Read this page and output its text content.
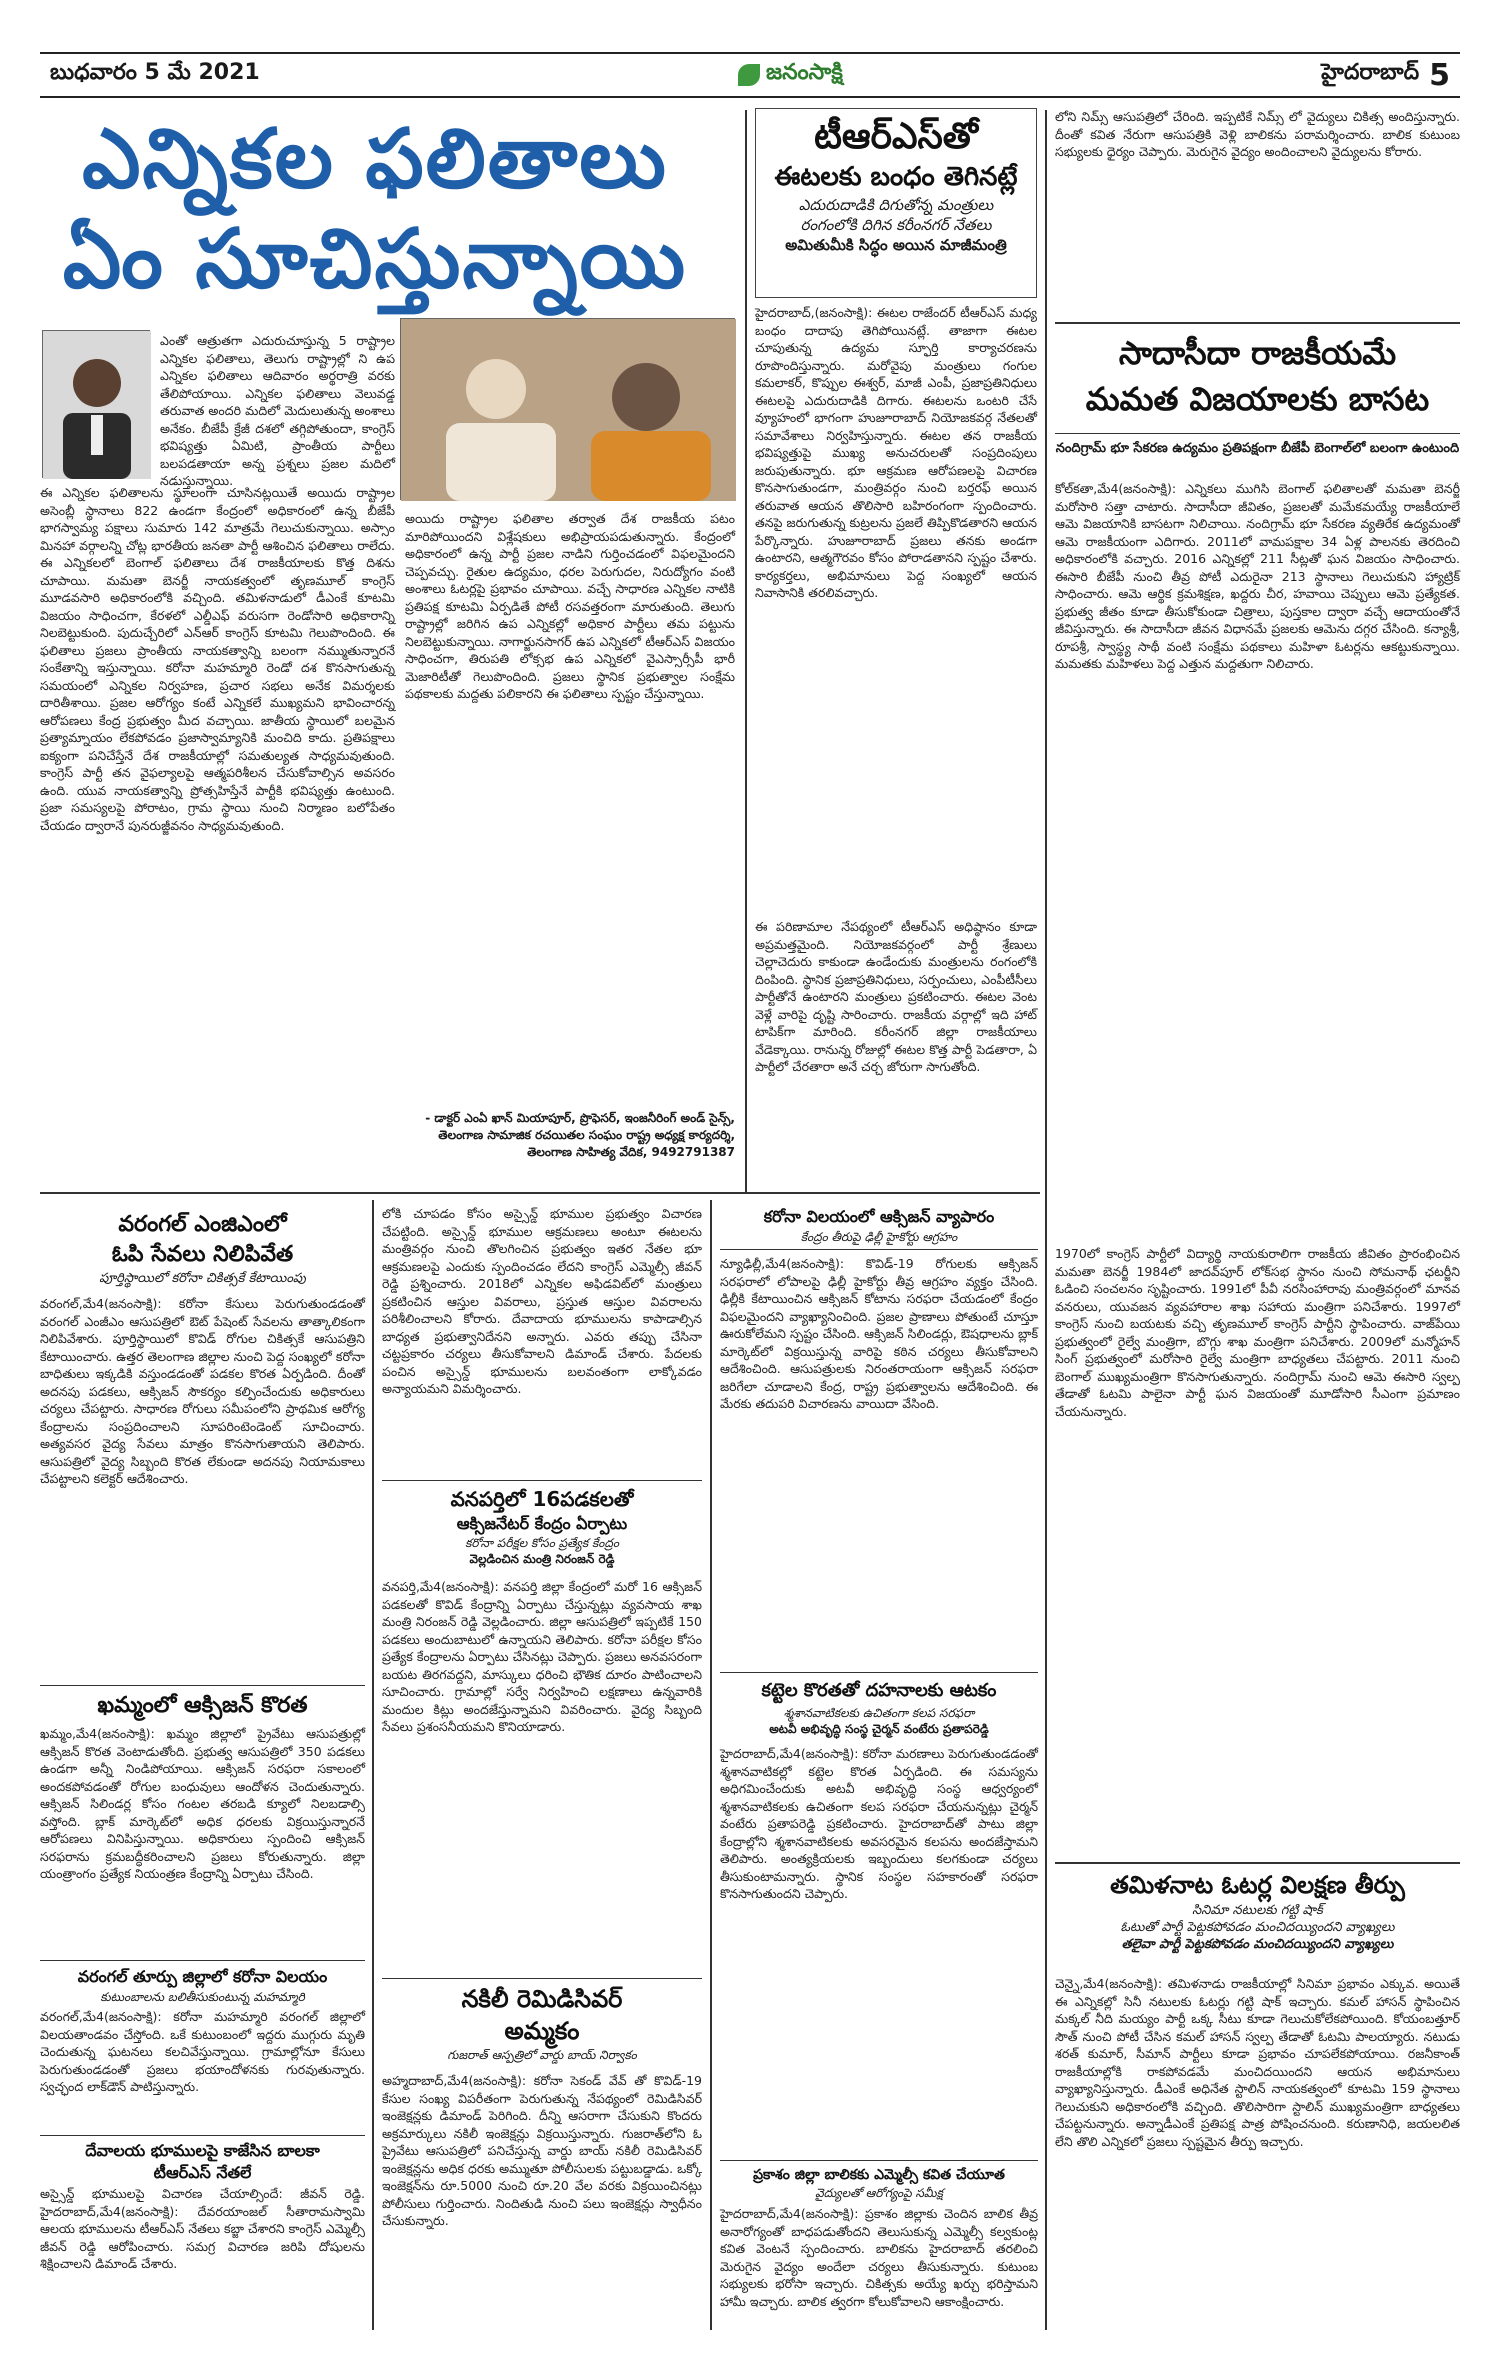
బుధవారం 5 మే 2021	జనంసాక్షి	హైదరాబాద్ 5
ఎన్నికల ఫలితాలు
ఏం సూచిస్తున్నాయి
ఎంతో ఆత్రుతగా ఎదురుచూస్తున్న 5 రాష్ట్రాల ఎన్నికల ఫలితాలు, తెలుగు రాష్ట్రాల్లో ని ఉప ఎన్నికల ఫలితాలు ఆదివారం అర్థరాత్రి వరకు తేలిపోయాయి. ఎన్నికల ఫలితాలు వెలువడ్డ తరువాత అందరి మదిలో మెదులుతున్న అంశాలు అనేకం. బీజేపీ క్రేజీ దశలో తగ్గిపోతుందా, కాంగ్రెస్ భవిష్యత్తు ఏమిటి, ప్రాంతీయ పార్టీలు బలపడతాయా అన్న ప్రశ్నలు ప్రజల మదిలో నడుస్తున్నాయి.
ఈ ఎన్నికల ఫలితాలను స్థూలంగా చూసినట్లయితే అయిదు రాష్ట్రాల అసెంబ్లీ స్థానాలు 822 ఉండగా కేంద్రంలో అధికారంలో ఉన్న బీజేపీ భాగస్వామ్య పక్షాలు సుమారు 142 మాత్రమే గెలుచుకున్నాయి. అస్సాం మినహా వర్గాలన్ని చోట్ల భారతీయ జనతా పార్టీ ఆశించిన ఫలితాలు రాలేదు. ఈ ఎన్నికలలో బెంగాల్ ఫలితాలు దేశ రాజకీయాలకు కొత్త దిశను చూపాయి. మమతా బెనర్జీ నాయకత్వంలో తృణమూల్ కాంగ్రెస్ మూడవసారి అధికారంలోకి వచ్చింది. తమిళనాడులో డీఎంకే కూటమి విజయం సాధించగా, కేరళలో ఎల్డీఎఫ్ వరుసగా రెండోసారి అధికారాన్ని నిలబెట్టుకుంది. పుదుచ్చేరిలో ఎన్ఆర్ కాంగ్రెస్ కూటమి గెలుపొందింది. ఈ ఫలితాలు ప్రజలు ప్రాంతీయ నాయకత్వాన్ని బలంగా నమ్ముతున్నారనే సంకేతాన్ని ఇస్తున్నాయి. కరోనా మహమ్మారి రెండో దశ కొనసాగుతున్న సమయంలో ఎన్నికల నిర్వహణ, ప్రచార సభలు అనేక విమర్శలకు దారితీశాయి. ప్రజల ఆరోగ్యం కంటే ఎన్నికలే ముఖ్యమని భావించారన్న ఆరోపణలు కేంద్ర ప్రభుత్వం మీద వచ్చాయి. జాతీయ స్థాయిలో బలమైన ప్రత్యామ్నాయం లేకపోవడం ప్రజాస్వామ్యానికి మంచిది కాదు. ప్రతిపక్షాలు ఐక్యంగా పనిచేస్తేనే దేశ రాజకీయాల్లో సమతుల్యత సాధ్యమవుతుంది. కాంగ్రెస్ పార్టీ తన వైఫల్యాలపై ఆత్మపరిశీలన చేసుకోవాల్సిన అవసరం ఉంది. యువ నాయకత్వాన్ని ప్రోత్సహిస్తేనే పార్టీకి భవిష్యత్తు ఉంటుంది. ప్రజా సమస్యలపై పోరాటం, గ్రామ స్థాయి నుంచి నిర్మాణం బలోపేతం చేయడం ద్వారానే పునరుజ్జీవనం సాధ్యమవుతుంది.
అయిదు రాష్ట్రాల ఫలితాల తర్వాత దేశ రాజకీయ పటం మారిపోయిందని విశ్లేషకులు అభిప్రాయపడుతున్నారు. కేంద్రంలో అధికారంలో ఉన్న పార్టీ ప్రజల నాడిని గుర్తించడంలో విఫలమైందని చెప్పవచ్చు. రైతుల ఉద్యమం, ధరల పెరుగుదల, నిరుద్యోగం వంటి అంశాలు ఓటర్లపై ప్రభావం చూపాయి. వచ్చే సాధారణ ఎన్నికల నాటికి ప్రతిపక్ష కూటమి ఏర్పడితే పోటీ రసవత్తరంగా మారుతుంది. తెలుగు రాష్ట్రాల్లో జరిగిన ఉప ఎన్నికల్లో అధికార పార్టీలు తమ పట్టును నిలబెట్టుకున్నాయి. నాగార్జునసాగర్ ఉప ఎన్నికలో టీఆర్ఎస్ విజయం సాధించగా, తిరుపతి లోక్సభ ఉప ఎన్నికలో వైఎస్సార్సీపీ భారీ మెజారిటీతో గెలుపొందింది. ప్రజలు స్థానిక ప్రభుత్వాల సంక్షేమ పథకాలకు మద్దతు పలికారని ఈ ఫలితాలు స్పష్టం చేస్తున్నాయి.
- డాక్టర్ ఎంఏ ఖాన్ మియాపూర్, ప్రొఫెసర్, ఇంజనీరింగ్ అండ్ సైన్స్, తెలంగాణ సామాజిక రచయితల సంఘం రాష్ట్ర అధ్యక్ష కార్యదర్శి, తెలంగాణ సాహిత్య వేదిక, 9492791387
టీఆర్ఎస్‌తో
ఈటలకు బంధం తెగినట్లే
ఎదురుదాడికి దిగుతోన్న మంత్రులు
రంగంలోకి దిగిన కరీంనగర్ నేతలు
అమితుమీకి సిద్ధం అయిన మాజీమంత్రి
హైదరాబాద్,(జనంసాక్షి): ఈటల రాజేందర్ టీఆర్ఎస్ మధ్య బంధం దాదాపు తెగిపోయినట్లే. తాజాగా ఈటల చూపుతున్న ఉద్యమ స్ఫూర్తి కార్యాచరణను రూపొందిస్తున్నారు. మరోవైపు మంత్రులు గంగుల కమలాకర్, కొప్పుల ఈశ్వర్, మాజీ ఎంపీ, ప్రజాప్రతినిధులు ఈటలపై ఎదురుదాడికి దిగారు. ఈటలను ఒంటరి చేసే వ్యూహంలో భాగంగా హుజూరాబాద్ నియోజకవర్గ నేతలతో సమావేశాలు నిర్వహిస్తున్నారు. ఈటల తన రాజకీయ భవిష్యత్తుపై ముఖ్య అనుచరులతో సంప్రదింపులు జరుపుతున్నారు. భూ ఆక్రమణ ఆరోపణలపై విచారణ కొనసాగుతుండగా, మంత్రివర్గం నుంచి బర్తరఫ్ అయిన తరువాత ఆయన తొలిసారి బహిరంగంగా స్పందించారు. తనపై జరుగుతున్న కుట్రలను ప్రజలే తిప్పికొడతారని ఆయన పేర్కొన్నారు. హుజూరాబాద్ ప్రజలు తనకు అండగా ఉంటారని, ఆత్మగౌరవం కోసం పోరాడతానని స్పష్టం చేశారు. కార్యకర్తలు, అభిమానులు పెద్ద సంఖ్యలో ఆయన నివాసానికి తరలివచ్చారు.
ఈ పరిణామాల నేపథ్యంలో టీఆర్ఎస్ అధిష్ఠానం కూడా అప్రమత్తమైంది. నియోజకవర్గంలో పార్టీ శ్రేణులు చెల్లాచెదురు కాకుండా ఉండేందుకు మంత్రులను రంగంలోకి దింపింది. స్థానిక ప్రజాప్రతినిధులు, సర్పంచులు, ఎంపీటీసీలు పార్టీతోనే ఉంటారని మంత్రులు ప్రకటించారు. ఈటల వెంట వెళ్లే వారిపై దృష్టి సారించారు. రాజకీయ వర్గాల్లో ఇది హాట్ టాపిక్‌గా మారింది. కరీంనగర్ జిల్లా రాజకీయాలు వేడెక్కాయి. రానున్న రోజుల్లో ఈటల కొత్త పార్టీ పెడతారా, ఏ పార్టీలో చేరతారా అనే చర్చ జోరుగా సాగుతోంది.
లోని నిమ్స్ ఆసుపత్రిలో చేరింది. ఇప్పటికే నిమ్స్ లో వైద్యులు చికిత్స అందిస్తున్నారు. దీంతో కవిత నేరుగా ఆసుపత్రికి వెళ్లి బాలికను పరామర్శించారు. బాలిక కుటుంబ సభ్యులకు ధైర్యం చెప్పారు. మెరుగైన వైద్యం అందించాలని వైద్యులను కోరారు.
సాదాసీదా రాజకీయమే
మమత విజయాలకు బాసట
నందిగ్రామ్ భూ సేకరణ ఉద్యమం ప్రతిపక్షంగా బీజేపీ బెంగాల్‌లో బలంగా ఉంటుంది
కోల్‌కతా,మే4(జనంసాక్షి): ఎన్నికలు ముగిసి బెంగాల్ ఫలితాలతో మమతా బెనర్జీ మరోసారి సత్తా చాటారు. సాదాసీదా జీవితం, ప్రజలతో మమేకమయ్యే రాజకీయాలే ఆమె విజయానికి బాసటగా నిలిచాయి. నందిగ్రామ్ భూ సేకరణ వ్యతిరేక ఉద్యమంతో ఆమె రాజకీయంగా ఎదిగారు. 2011లో వామపక్షాల 34 ఏళ్ల పాలనకు తెరదించి అధికారంలోకి వచ్చారు. 2016 ఎన్నికల్లో 211 సీట్లతో ఘన విజయం సాధించారు. ఈసారి బీజేపీ నుంచి తీవ్ర పోటీ ఎదురైనా 213 స్థానాలు గెలుచుకుని హ్యాట్రిక్ సాధించారు. ఆమె ఆర్థిక క్రమశిక్షణ, ఖద్దరు చీర, హవాయి చెప్పులు ఆమె ప్రత్యేకత. ప్రభుత్వ జీతం కూడా తీసుకోకుండా చిత్రాలు, పుస్తకాల ద్వారా వచ్చే ఆదాయంతోనే జీవిస్తున్నారు. ఈ సాదాసీదా జీవన విధానమే ప్రజలకు ఆమెను దగ్గర చేసింది. కన్యాశ్రీ, రూపశ్రీ, స్వాస్థ్య సాథీ వంటి సంక్షేమ పథకాలు మహిళా ఓటర్లను ఆకట్టుకున్నాయి. మమతకు మహిళలు పెద్ద ఎత్తున మద్దతుగా నిలిచారు.
1970లో కాంగ్రెస్ పార్టీలో విద్యార్థి నాయకురాలిగా రాజకీయ జీవితం ప్రారంభించిన మమతా బెనర్జీ 1984లో జాదవ్‌పూర్ లోక్‌సభ స్థానం నుంచి సోమనాథ్ ఛటర్జీని ఓడించి సంచలనం సృష్టించారు. 1991లో పీవీ నరసింహారావు మంత్రివర్గంలో మానవ వనరులు, యువజన వ్యవహారాల శాఖ సహాయ మంత్రిగా పనిచేశారు. 1997లో కాంగ్రెస్ నుంచి బయటకు వచ్చి తృణమూల్ కాంగ్రెస్ పార్టీని స్థాపించారు. వాజ్‌పేయి ప్రభుత్వంలో రైల్వే మంత్రిగా, బొగ్గు శాఖ మంత్రిగా పనిచేశారు. 2009లో మన్మోహన్ సింగ్ ప్రభుత్వంలో మరోసారి రైల్వే మంత్రిగా బాధ్యతలు చేపట్టారు. 2011 నుంచి బెంగాల్ ముఖ్యమంత్రిగా కొనసాగుతున్నారు. నందిగ్రామ్ నుంచి ఆమె ఈసారి స్వల్ప తేడాతో ఓటమి పాలైనా పార్టీ ఘన విజయంతో మూడోసారి సీఎంగా ప్రమాణం చేయనున్నారు.
తమిళనాట ఓటర్ల విలక్షణ తీర్పు
సినిమా నటులకు గట్టి షాక్
ఓటుతో పార్టీ పెట్టకపోవడం మంచిదయ్యిందని వ్యాఖ్యలు
తలైవా పార్టీ పెట్టకపోవడం మంచిదయ్యిందని వ్యాఖ్యలు
చెన్నై,మే4(జనంసాక్షి): తమిళనాడు రాజకీయాల్లో సినిమా ప్రభావం ఎక్కువ. అయితే ఈ ఎన్నికల్లో సినీ నటులకు ఓటర్లు గట్టి షాక్ ఇచ్చారు. కమల్ హాసన్ స్థాపించిన మక్కల్ నీది మయ్యం పార్టీ ఒక్క సీటు కూడా గెలుచుకోలేకపోయింది. కోయంబత్తూర్ సౌత్ నుంచి పోటీ చేసిన కమల్ హాసన్ స్వల్ప తేడాతో ఓటమి పాలయ్యారు. నటుడు శరత్ కుమార్, సీమాన్ పార్టీలు కూడా ప్రభావం చూపలేకపోయాయి. రజనీకాంత్ రాజకీయాల్లోకి రాకపోవడమే మంచిదయిందని ఆయన అభిమానులు వ్యాఖ్యానిస్తున్నారు. డీఎంకే అధినేత స్టాలిన్ నాయకత్వంలో కూటమి 159 స్థానాలు గెలుచుకుని అధికారంలోకి వచ్చింది. తొలిసారిగా స్టాలిన్ ముఖ్యమంత్రిగా బాధ్యతలు చేపట్టనున్నారు. అన్నాడీఎంకే ప్రతిపక్ష పాత్ర పోషించనుంది. కరుణానిధి, జయలలిత లేని తొలి ఎన్నికలో ప్రజలు స్పష్టమైన తీర్పు ఇచ్చారు.
వరంగల్ ఎంజిఎంలో
ఓపి సేవలు నిలిపివేత
పూర్తిస్థాయిలో కరోనా చికిత్సకే కేటాయింపు
వరంగల్,మే4(జనంసాక్షి): కరోనా కేసులు పెరుగుతుండడంతో వరంగల్ ఎంజీఎం ఆసుపత్రిలో ఔట్ పేషెంట్ సేవలను తాత్కాలికంగా నిలిపివేశారు. పూర్తిస్థాయిలో కొవిడ్ రోగుల చికిత్సకే ఆసుపత్రిని కేటాయించారు. ఉత్తర తెలంగాణ జిల్లాల నుంచి పెద్ద సంఖ్యలో కరోనా బాధితులు ఇక్కడికి వస్తుండడంతో పడకల కొరత ఏర్పడింది. దీంతో అదనపు పడకలు, ఆక్సిజన్ సౌకర్యం కల్పించేందుకు అధికారులు చర్యలు చేపట్టారు. సాధారణ రోగులు సమీపంలోని ప్రాథమిక ఆరోగ్య కేంద్రాలను సంప్రదించాలని సూపరింటెండెంట్ సూచించారు. అత్యవసర వైద్య సేవలు మాత్రం కొనసాగుతాయని తెలిపారు. ఆసుపత్రిలో వైద్య సిబ్బంది కొరత లేకుండా అదనపు నియామకాలు చేపట్టాలని కలెక్టర్ ఆదేశించారు.
ఖమ్మంలో ఆక్సిజన్ కొరత
ఖమ్మం,మే4(జనంసాక్షి): ఖమ్మం జిల్లాలో ప్రైవేటు ఆసుపత్రుల్లో ఆక్సిజన్ కొరత వెంటాడుతోంది. ప్రభుత్వ ఆసుపత్రిలో 350 పడకలు ఉండగా అన్నీ నిండిపోయాయి. ఆక్సిజన్ సరఫరా సకాలంలో అందకపోవడంతో రోగుల బంధువులు ఆందోళన చెందుతున్నారు. ఆక్సిజన్ సిలిండర్ల కోసం గంటల తరబడి క్యూలో నిలబడాల్సి వస్తోంది. బ్లాక్ మార్కెట్‌లో అధిక ధరలకు విక్రయిస్తున్నారనే ఆరోపణలు వినిపిస్తున్నాయి. అధికారులు స్పందించి ఆక్సిజన్ సరఫరాను క్రమబద్ధీకరించాలని ప్రజలు కోరుతున్నారు. జిల్లా యంత్రాంగం ప్రత్యేక నియంత్రణ కేంద్రాన్ని ఏర్పాటు చేసింది.
వరంగల్ తూర్పు జిల్లాలో కరోనా విలయం
కుటుంబాలను బలితీసుకుంటున్న మహమ్మారి
వరంగల్,మే4(జనంసాక్షి): కరోనా మహమ్మారి వరంగల్ జిల్లాలో విలయతాండవం చేస్తోంది. ఒకే కుటుంబంలో ఇద్దరు ముగ్గురు మృతి చెందుతున్న ఘటనలు కలచివేస్తున్నాయి. గ్రామాల్లోనూ కేసులు పెరుగుతుండడంతో ప్రజలు భయాందోళనకు గురవుతున్నారు. స్వచ్ఛంద లాక్‌డౌన్ పాటిస్తున్నారు.
దేవాలయ భూములపై కాజేసిన బాలకా
టీఆర్ఎస్ నేతలే
అస్సైన్డ్ భూములపై విచారణ చేయాల్సిందే: జీవన్ రెడ్డి. హైదరాబాద్,మే4(జనంసాక్షి): దేవరయాంజల్ సీతారామస్వామి ఆలయ భూములను టీఆర్ఎస్ నేతలు కబ్జా చేశారని కాంగ్రెస్ ఎమ్మెల్సీ జీవన్ రెడ్డి ఆరోపించారు. సమగ్ర విచారణ జరిపి దోషులను శిక్షించాలని డిమాండ్ చేశారు.
లోకి చూపడం కోసం అస్సైన్డ్ భూముల ప్రభుత్వం విచారణ చేపట్టింది. అస్సైన్డ్ భూముల ఆక్రమణలు అంటూ ఈటలను మంత్రివర్గం నుంచి తొలగించిన ప్రభుత్వం ఇతర నేతల భూ ఆక్రమణలపై ఎందుకు స్పందించడం లేదని కాంగ్రెస్ ఎమ్మెల్సీ జీవన్ రెడ్డి ప్రశ్నించారు. 2018లో ఎన్నికల అఫిడవిట్‌లో మంత్రులు ప్రకటించిన ఆస్తుల వివరాలు, ప్రస్తుత ఆస్తుల వివరాలను పరిశీలించాలని కోరారు. దేవాదాయ భూములను కాపాడాల్సిన బాధ్యత ప్రభుత్వానిదేనని అన్నారు. ఎవరు తప్పు చేసినా చట్టప్రకారం చర్యలు తీసుకోవాలని డిమాండ్ చేశారు. పేదలకు పంచిన అస్సైన్డ్ భూములను బలవంతంగా లాక్కోవడం అన్యాయమని విమర్శించారు.
వనపర్తిలో 16పడకలతో
ఆక్సిజనేటర్ కేంద్రం ఏర్పాటు
కరోనా పరీక్షల కోసం ప్రత్యేక కేంద్రం
వెల్లడించిన మంత్రి నిరంజన్ రెడ్డి
వనపర్తి,మే4(జనంసాక్షి): వనపర్తి జిల్లా కేంద్రంలో మరో 16 ఆక్సిజన్ పడకలతో కొవిడ్ కేంద్రాన్ని ఏర్పాటు చేస్తున్నట్లు వ్యవసాయ శాఖ మంత్రి నిరంజన్ రెడ్డి వెల్లడించారు. జిల్లా ఆసుపత్రిలో ఇప్పటికే 150 పడకలు అందుబాటులో ఉన్నాయని తెలిపారు. కరోనా పరీక్షల కోసం ప్రత్యేక కేంద్రాలను ఏర్పాటు చేసినట్లు చెప్పారు. ప్రజలు అనవసరంగా బయట తిరగవద్దని, మాస్కులు ధరించి భౌతిక దూరం పాటించాలని సూచించారు. గ్రామాల్లో సర్వే నిర్వహించి లక్షణాలు ఉన్నవారికి మందుల కిట్లు అందజేస్తున్నామని వివరించారు. వైద్య సిబ్బంది సేవలు ప్రశంసనీయమని కొనియాడారు.
నకిలీ రెమిడిసివర్
అమ్మకం
గుజరాత్ ఆస్పత్రిలో వార్డు బాయ్ నిర్వాకం
అహ్మదాబాద్,మే4(జనంసాక్షి): కరోనా సెకండ్ వేవ్ తో కొవిడ్-19 కేసుల సంఖ్య విపరీతంగా పెరుగుతున్న నేపథ్యంలో రెమిడిసివర్ ఇంజెక్షన్లకు డిమాండ్ పెరిగింది. దీన్ని ఆసరాగా చేసుకుని కొందరు అక్రమార్కులు నకిలీ ఇంజెక్షన్లు విక్రయిస్తున్నారు. గుజరాత్‌లోని ఓ ప్రైవేటు ఆసుపత్రిలో పనిచేస్తున్న వార్డు బాయ్ నకిలీ రెమిడిసివర్ ఇంజెక్షన్లను అధిక ధరకు అమ్ముతూ పోలీసులకు పట్టుబడ్డాడు. ఒక్కో ఇంజెక్షన్‌ను రూ.5000 నుంచి రూ.20 వేల వరకు విక్రయించినట్లు పోలీసులు గుర్తించారు. నిందితుడి నుంచి పలు ఇంజెక్షన్లు స్వాధీనం చేసుకున్నారు.
కరోనా విలయంలో ఆక్సిజన్ వ్యాపారం
కేంద్రం తీరుపై ఢిల్లీ హైకోర్టు ఆగ్రహం
న్యూఢిల్లీ,మే4(జనంసాక్షి): కొవిడ్-19 రోగులకు ఆక్సిజన్ సరఫరాలో లోపాలపై ఢిల్లీ హైకోర్టు తీవ్ర ఆగ్రహం వ్యక్తం చేసింది. ఢిల్లీకి కేటాయించిన ఆక్సిజన్ కోటాను సరఫరా చేయడంలో కేంద్రం విఫలమైందని వ్యాఖ్యానించింది. ప్రజల ప్రాణాలు పోతుంటే చూస్తూ ఊరుకోలేమని స్పష్టం చేసింది. ఆక్సిజన్ సిలిండర్లు, ఔషధాలను బ్లాక్ మార్కెట్‌లో విక్రయిస్తున్న వారిపై కఠిన చర్యలు తీసుకోవాలని ఆదేశించింది. ఆసుపత్రులకు నిరంతరాయంగా ఆక్సిజన్ సరఫరా జరిగేలా చూడాలని కేంద్ర, రాష్ట్ర ప్రభుత్వాలను ఆదేశించింది. ఈ మేరకు తదుపరి విచారణను వాయిదా వేసింది.
కట్టెల కొరతతో దహనాలకు ఆటకం
శ్మశానవాటికలకు ఉచితంగా కలప సరఫరా
అటవీ అభివృద్ధి సంస్థ చైర్మన్ వంటేరు ప్రతాపరెడ్డి
హైదరాబాద్,మే4(జనంసాక్షి): కరోనా మరణాలు పెరుగుతుండడంతో శ్మశానవాటికల్లో కట్టెల కొరత ఏర్పడింది. ఈ సమస్యను అధిగమించేందుకు అటవీ అభివృద్ధి సంస్థ ఆధ్వర్యంలో శ్మశానవాటికలకు ఉచితంగా కలప సరఫరా చేయనున్నట్లు చైర్మన్ వంటేరు ప్రతాపరెడ్డి ప్రకటించారు. హైదరాబాద్‌తో పాటు జిల్లా కేంద్రాల్లోని శ్మశానవాటికలకు అవసరమైన కలపను అందజేస్తామని తెలిపారు. అంత్యక్రియలకు ఇబ్బందులు కలగకుండా చర్యలు తీసుకుంటామన్నారు. స్థానిక సంస్థల సహకారంతో సరఫరా కొనసాగుతుందని చెప్పారు.
ప్రకాశం జిల్లా బాలికకు ఎమ్మెల్సీ కవిత చేయూత
వైద్యులతో ఆరోగ్యంపై సమీక్ష
హైదరాబాద్,మే4(జనంసాక్షి): ప్రకాశం జిల్లాకు చెందిన బాలిక తీవ్ర అనారోగ్యంతో బాధపడుతోందని తెలుసుకున్న ఎమ్మెల్సీ కల్వకుంట్ల కవిత వెంటనే స్పందించారు. బాలికను హైదరాబాద్ తరలించి మెరుగైన వైద్యం అందేలా చర్యలు తీసుకున్నారు. కుటుంబ సభ్యులకు భరోసా ఇచ్చారు. చికిత్సకు అయ్యే ఖర్చు భరిస్తామని హామీ ఇచ్చారు. బాలిక త్వరగా కోలుకోవాలని ఆకాంక్షించారు.
